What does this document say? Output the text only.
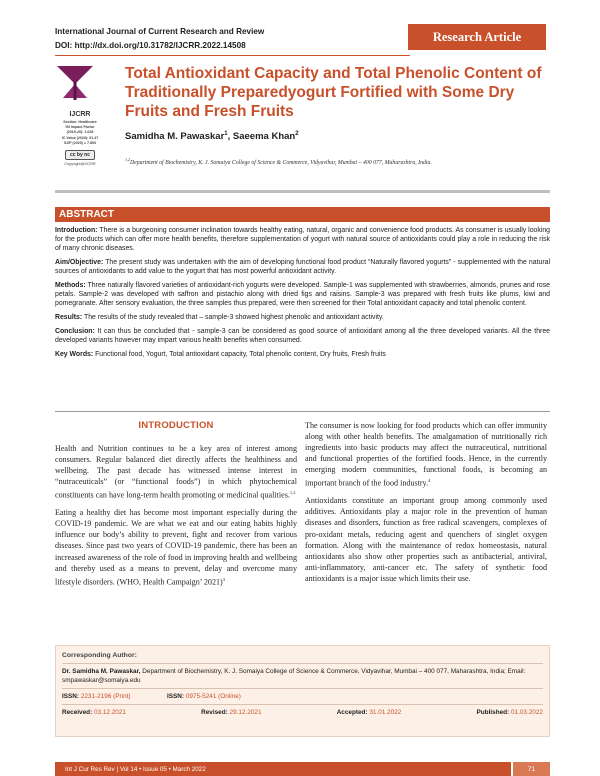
International Journal of Current Research and Review
DOI: http://dx.doi.org/10.31782/IJCRR.2022.14508
Research Article
IJCRR
Section: Healthcare
ISI Impact Factor
(2019-20): 1.628
IC Value (2020): 91.47
SJIF (2020) = 7.893
cc by nc
Copyright@IJCRR
Total Antioxidant Capacity and Total Phenolic Content of Traditionally Preparedyogurt Fortified with Some Dry Fruits and Fresh Fruits
Samidha M. Pawaskar$^1$, Saeema Khan$^2$
$^{1,2}$Department of Biochemistry, K. J. Somaiya College of Science & Commerce, Vidyavihar, Mumbai – 400 077, Maharashtra, India.
ABSTRACT

Introduction: There is a burgeoning consumer inclination towards healthy eating, natural, organic and convenience food products. As consumer is usually looking for the products which can offer more health benefits, therefore supplementation of yogurt with natural source of antioxidants could play a role in reducing the risk of many chronic diseases.

Aim/Objective: The present study was undertaken with the aim of developing functional food product “Naturally flavored yogurts” - supplemented with the natural sources of antioxidants to add value to the yogurt that has most powerful antioxidant activity.

Methods: Three naturally flavored varieties of antioxidant-rich yogurts were developed. Sample-1 was supplemented with strawberries, almonds, prunes and rose petals. Sample-2 was developed with saffron and pistachio along with dried figs and raisins. Sample-3 was prepared with fresh fruits like plums, kiwi and pomegranate. After sensory evaluation, the three samples thus prepared, were then screened for their Total antioxidant capacity and total phenolic content.

Results: The results of the study revealed that – sample-3 showed highest phenolic and antioxidant activity.

Conclusion: It can thus be concluded that - sample-3 can be considered as good source of antioxidant among all the three developed variants. All the three developed variants however may impart various health benefits when consumed.

Key Words: Functional food, Yogurt, Total antioxidant capacity, Total phenolic content, Dry fruits, Fresh fruits

INTRODUCTION

Health and Nutrition continues to be a key area of interest among consumers. Regular balanced diet directly affects the healthiness and wellbeing. The past decade has witnessed intense interest in “nutraceuticals” (or “functional foods”) in which phytochemical constituents can have long-term health promoting or medicinal qualities.$^{1,2}$

Eating a healthy diet has become most important especially during the COVID-19 pandemic. We are what we eat and our eating habits highly influence our body’s ability to prevent, fight and recover from various diseases. Since past two years of COVID-19 pandemic, there has been an increased awareness of the role of food in improving health and wellbeing and thereby used as a means to prevent, delay and overcome many lifestyle disorders. (WHO, Health Campaign’ 2021)$^3$

The consumer is now looking for food products which can offer immunity along with other health benefits. The amalgamation of nutritionally rich ingredients into basic products may affect the nutraceutical, nutritional and functional properties of the fortified foods. Hence, in the currently emerging modern communities, functional foods, is becoming an important branch of the food industry.$^4$

Antioxidants constitute an important group among commonly used additives. Antioxidants play a major role in the prevention of human diseases and disorders, function as free radical scavengers, complexes of pro-oxidant metals, reducing agent and quenchers of singlet oxygen formation. Along with the maintenance of redox homeostasis, natural antioxidants also show other properties such as antibacterial, antiviral, anti-inflammatory, anti-cancer etc. The safety of synthetic food antioxidants is a major issue which limits their use.

Corresponding Author:
Dr. Samidha M. Pawaskar, Department of Biochemistry, K. J. Somaiya College of Science & Commerce, Vidyavihar, Mumbai – 400 077, Maharashtra, India; Email: smpawaskar@somaiya.edu
ISSN: 2231-2196 (Print)	ISSN: 0975-5241 (Online)
Received: 03.12.2021	Revised: 29.12.2021	Accepted: 31.01.2022	Published: 01.03.2022
Int J Cur Res Rev | Vol 14 • Issue 05 • March 2022	71
